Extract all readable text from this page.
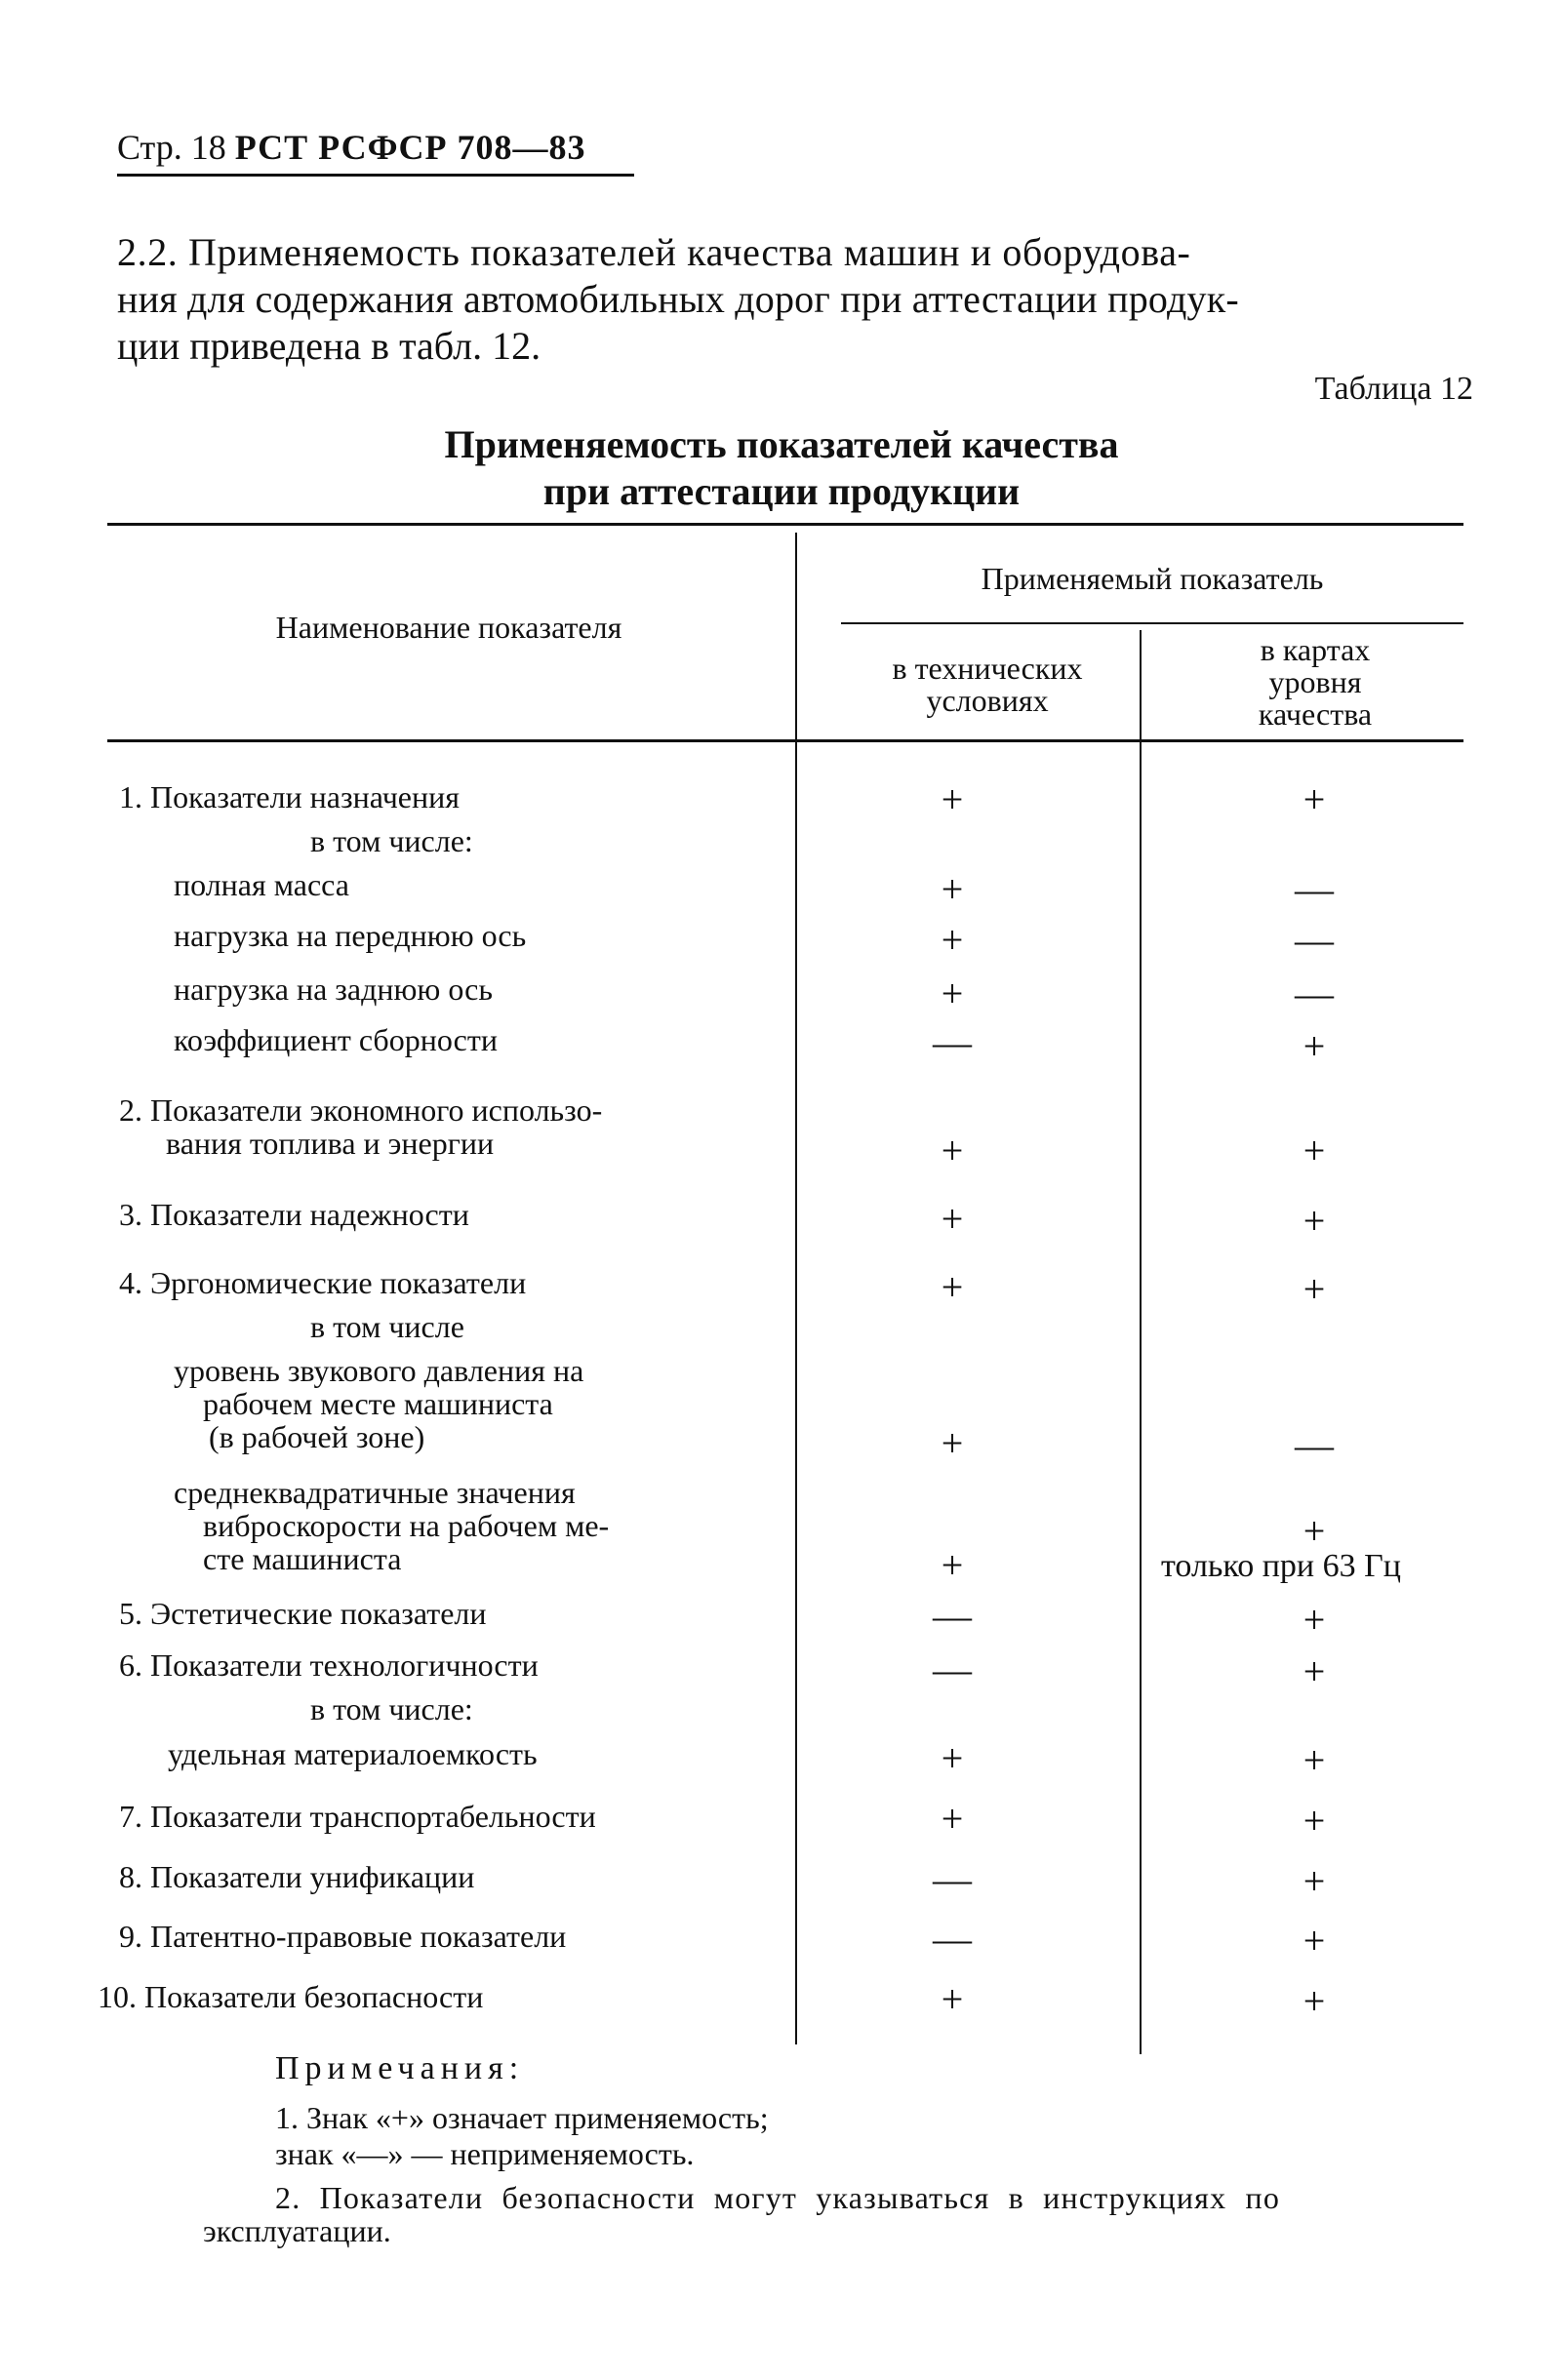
Стр. 18 РСТ РСФСР 708—83
2.2. Применяемость показателей качества машин и оборудова-
ния для содержания автомобильных дорог при аттестации продук-
ции приведена в табл. 12.
Таблица 12
Применяемость показателей качества
при аттестации продукции
Наименование показателя
Применяемый показатель
в технических
условиях
в картах
уровня
качества
1. Показатели назначения
в том числе:
полная масса
нагрузка на переднюю ось
нагрузка на заднюю ось
коэффициент сборности
2. Показатели экономного использо-
вания топлива и энергии
3. Показатели надежности
4. Эргономические показатели
в том числе
уровень звукового давления на
рабочем месте машиниста
(в рабочей зоне)
среднеквадратичные значения
виброскорости на рабочем ме-
сте машиниста
5. Эстетические показатели
6. Показатели технологичности
в том числе:
удельная материалоемкость
7. Показатели транспортабельности
8. Показатели унификации
9. Патентно-правовые показатели
10. Показатели безопасности
+
+
+
+
—
+
+
+
+
+
—
—
+
+
—
—
+
+
—
—
—
+
+
+
+
—
+
только при 63 Гц
+
+
+
+
+
+
+
Примечания:
1. Знак «+» означает применяемость;
знак «—» — неприменяемость.
2. Показатели безопасности могут указываться в инструкциях по
эксплуатации.
